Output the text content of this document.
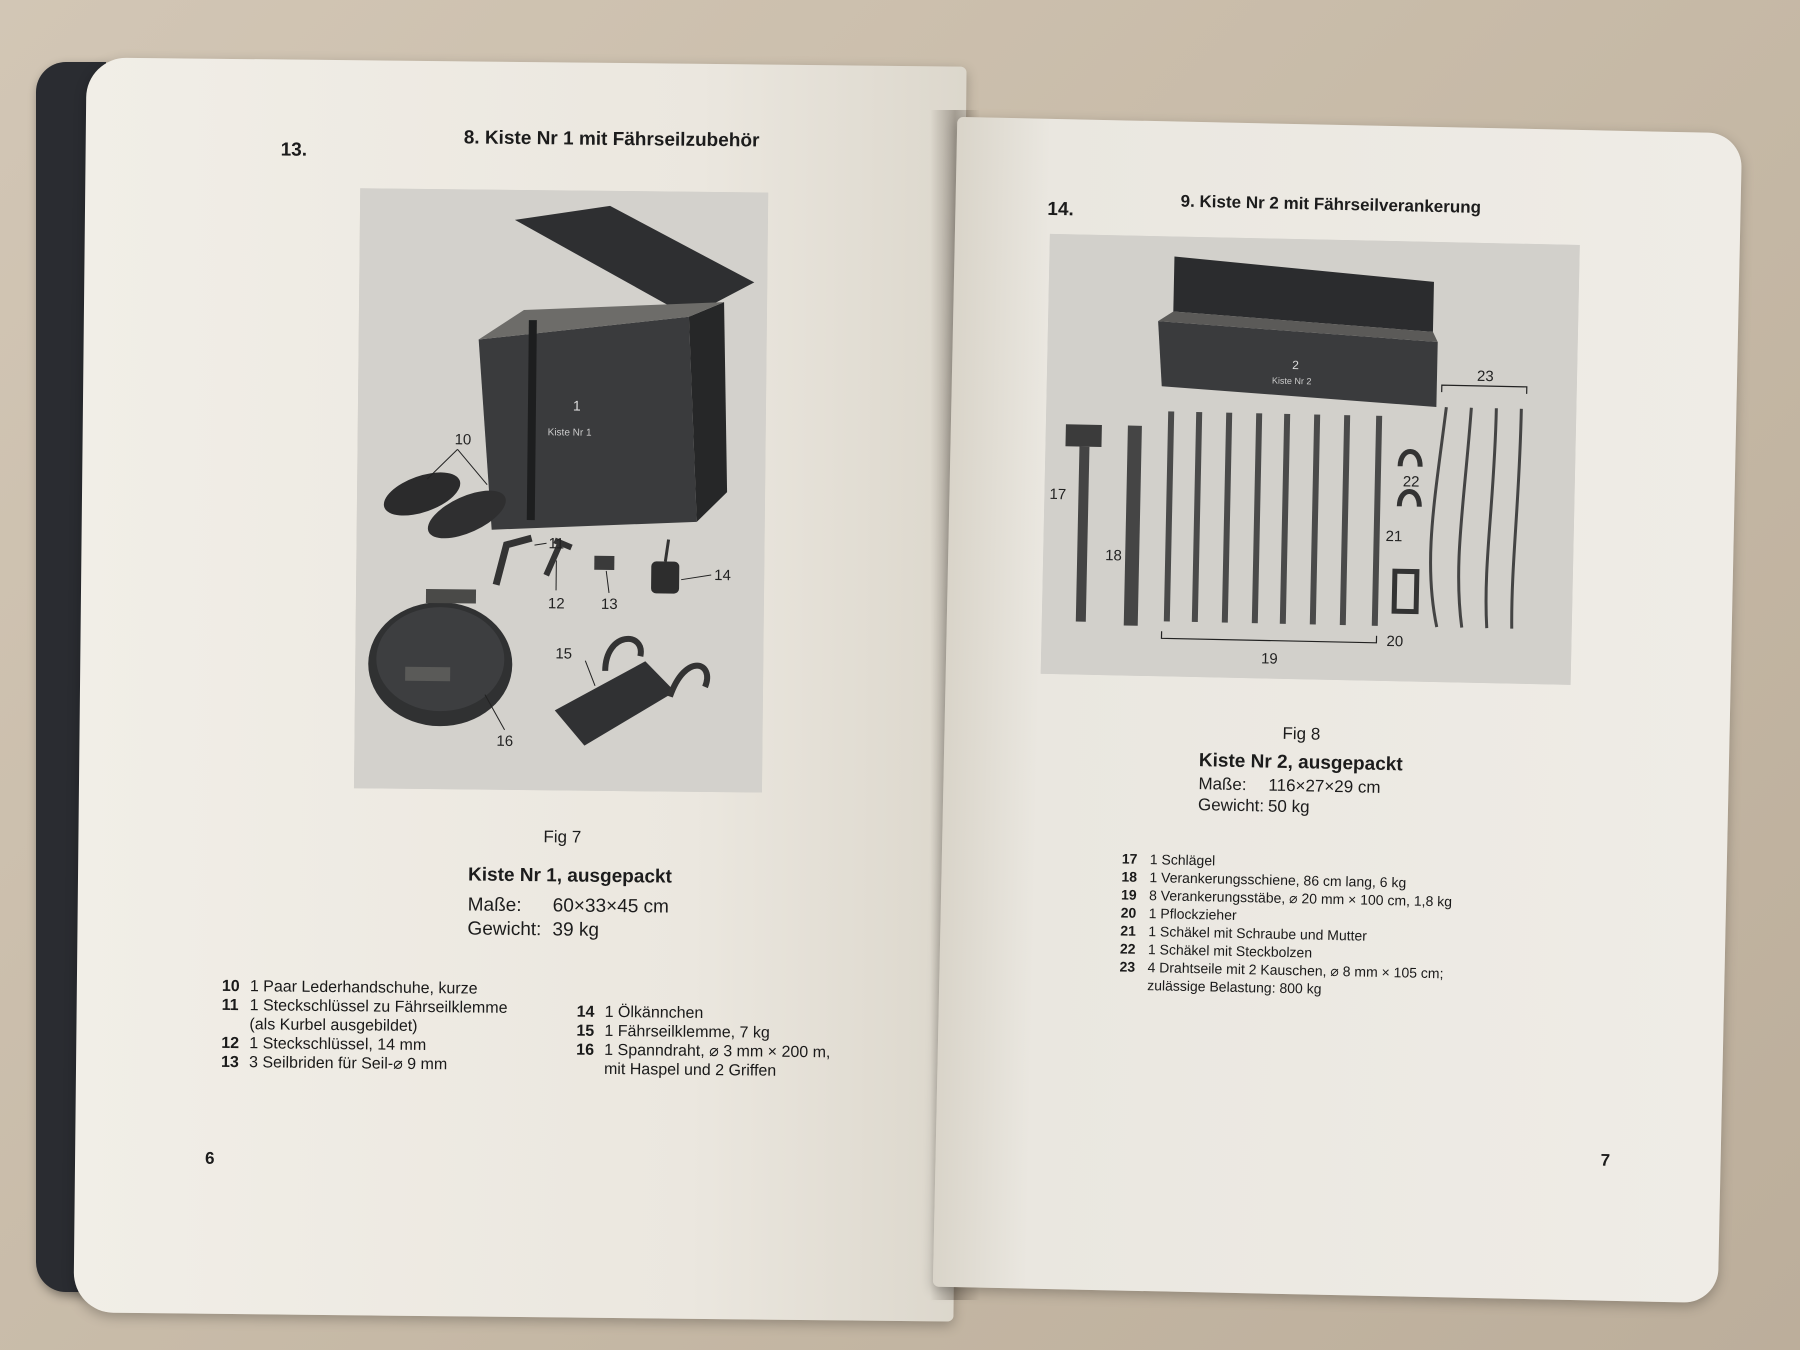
13.	8. Kiste Nr 1 mit Fährseilzubehör
1
Kiste Nr 1
10
11
12 13
14
15
16
Fig 7
Kiste Nr 1, ausgepackt
Maße: 60×33×45 cm
Gewicht: 39 kg
10 1 Paar Lederhandschuhe, kurze
11 1 Steckschlüssel zu Fährseilklemme
(als Kurbel ausgebildet)
12 1 Steckschlüssel, 14 mm
13 3 Seilbriden für Seil-⌀ 9 mm
14 1 Ölkännchen
15 1 Fährseilklemme, 7 kg
16 1 Spanndraht, ⌀ 3 mm × 200 m,
mit Haspel und 2 Griffen
6
14.	9. Kiste Nr 2 mit Fährseilverankerung
2
Kiste Nr 2
17
18
19
20
21
22
23
Fig 8
Kiste Nr 2, ausgepackt
Maße: 116×27×29 cm
Gewicht: 50 kg
17 1 Schlägel
18 1 Verankerungsschiene, 86 cm lang, 6 kg
19 8 Verankerungsstäbe, ⌀ 20 mm × 100 cm, 1,8 kg
20 1 Pflockzieher
21 1 Schäkel mit Schraube und Mutter
22 1 Schäkel mit Steckbolzen
23 4 Drahtseile mit 2 Kauschen, ⌀ 8 mm × 105 cm;
zulässige Belastung: 800 kg
7
